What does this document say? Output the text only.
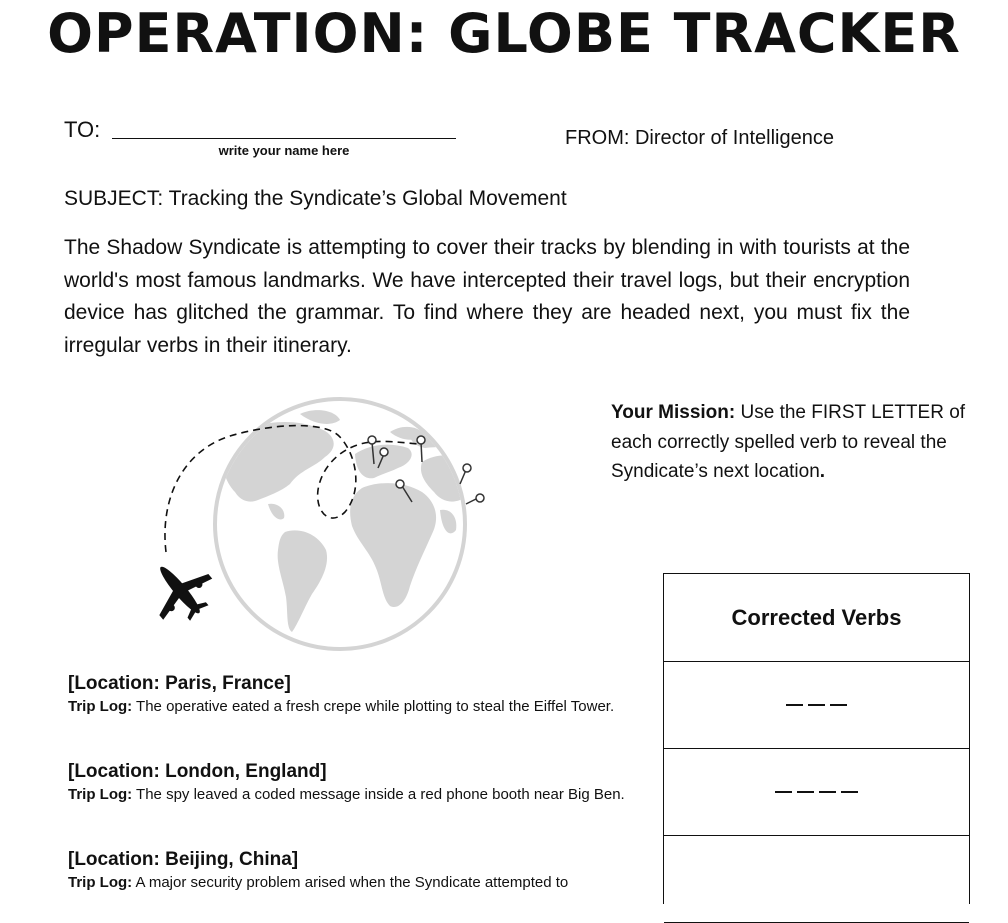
OPERATION: GLOBE TRACKER
TO:
write your name here
FROM: Director of Intelligence
SUBJECT: Tracking the Syndicate’s Global Movement
The Shadow Syndicate is attempting to cover their tracks by blending in with tourists at the world's most famous landmarks. We have intercepted their travel logs, but their encryption device has glitched the grammar. To find where they are headed next, you must fix the irregular verbs in their itinerary.
Your Mission: Use the FIRST LETTER of each correctly spelled verb to reveal the Syndicate’s next location.
[Location: Paris, France]
Trip Log: The operative eated a fresh crepe while plotting to steal the Eiffel Tower.
[Location: London, England]
Trip Log: The spy leaved a coded message inside a red phone booth near Big Ben.
[Location: Beijing, China]
Trip Log: A major security problem arised when the Syndicate attempted to
Corrected Verbs
